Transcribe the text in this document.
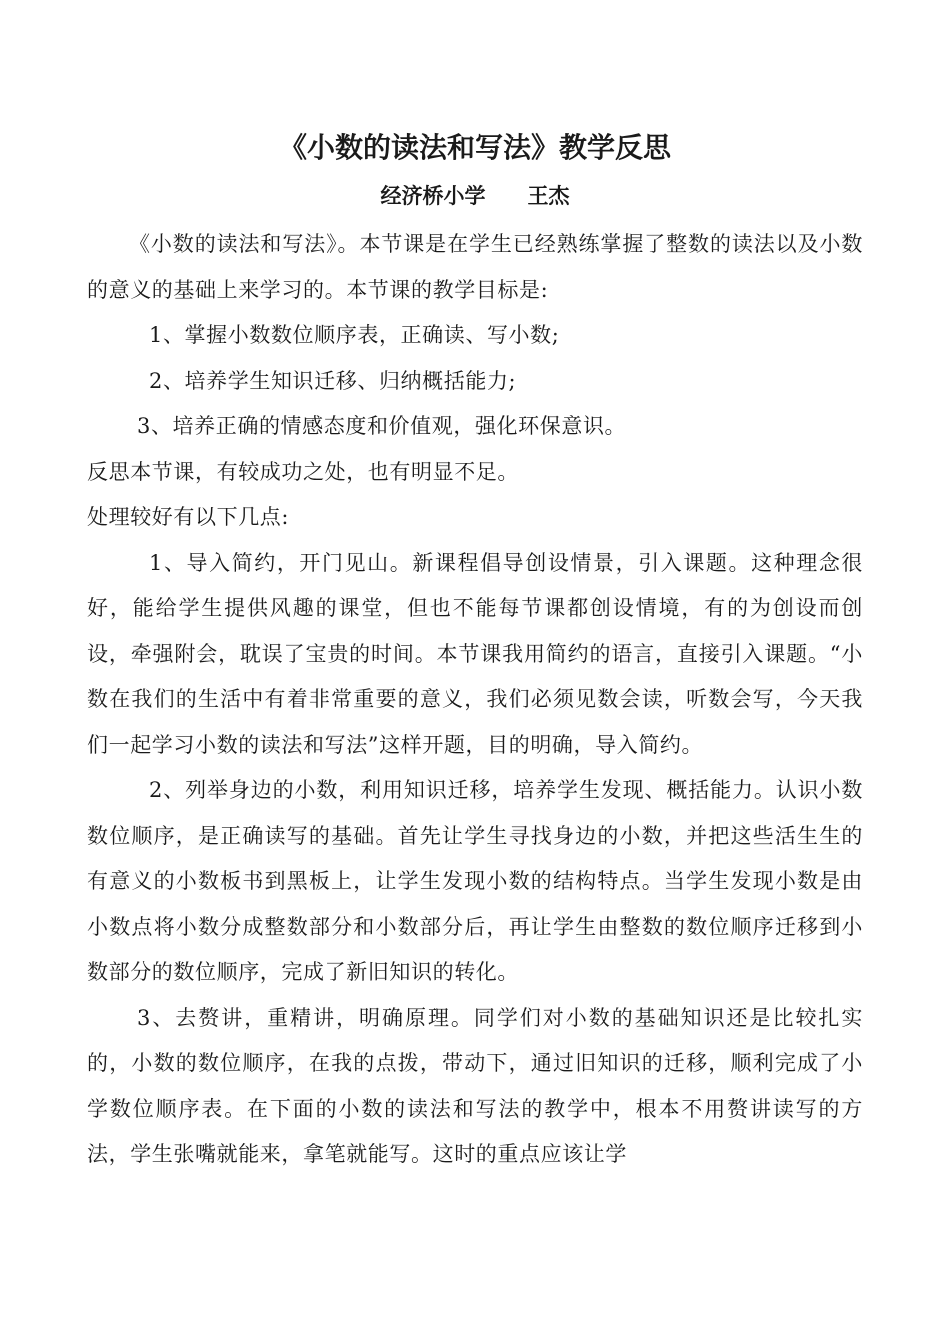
《小数的读法和写法》教学反思
经济桥小学　　王杰

《小数的读法和写法》。本节课是在学生已经熟练掌握了整数的读法以及小数的意义的基础上来学习的。本节课的教学目标是:

1、掌握小数数位顺序表，正确读、写小数;

2、培养学生知识迁移、归纳概括能力;

3、培养正确的情感态度和价值观，强化环保意识。

反思本节课，有较成功之处，也有明显不足。

处理较好有以下几点:

1、导入简约，开门见山。新课程倡导创设情景，引入课题。这种理念很好，能给学生提供风趣的课堂，但也不能每节课都创设情境，有的为创设而创设，牵强附会，耽误了宝贵的时间。本节课我用简约的语言，直接引入课题。“小数在我们的生活中有着非常重要的意义，我们必须见数会读，听数会写，今天我们一起学习小数的读法和写法”这样开题，目的明确，导入简约。

2、列举身边的小数，利用知识迁移，培养学生发现、概括能力。认识小数数位顺序，是正确读写的基础。首先让学生寻找身边的小数，并把这些活生生的有意义的小数板书到黑板上，让学生发现小数的结构特点。当学生发现小数是由小数点将小数分成整数部分和小数部分后，再让学生由整数的数位顺序迁移到小数部分的数位顺序，完成了新旧知识的转化。

3、去赘讲，重精讲，明确原理。同学们对小数的基础知识还是比较扎实的，小数的数位顺序，在我的点拨，带动下，通过旧知识的迁移，顺利完成了小学数位顺序表。在下面的小数的读法和写法的教学中，根本不用赘讲读写的方法，学生张嘴就能来，拿笔就能写。这时的重点应该让学
